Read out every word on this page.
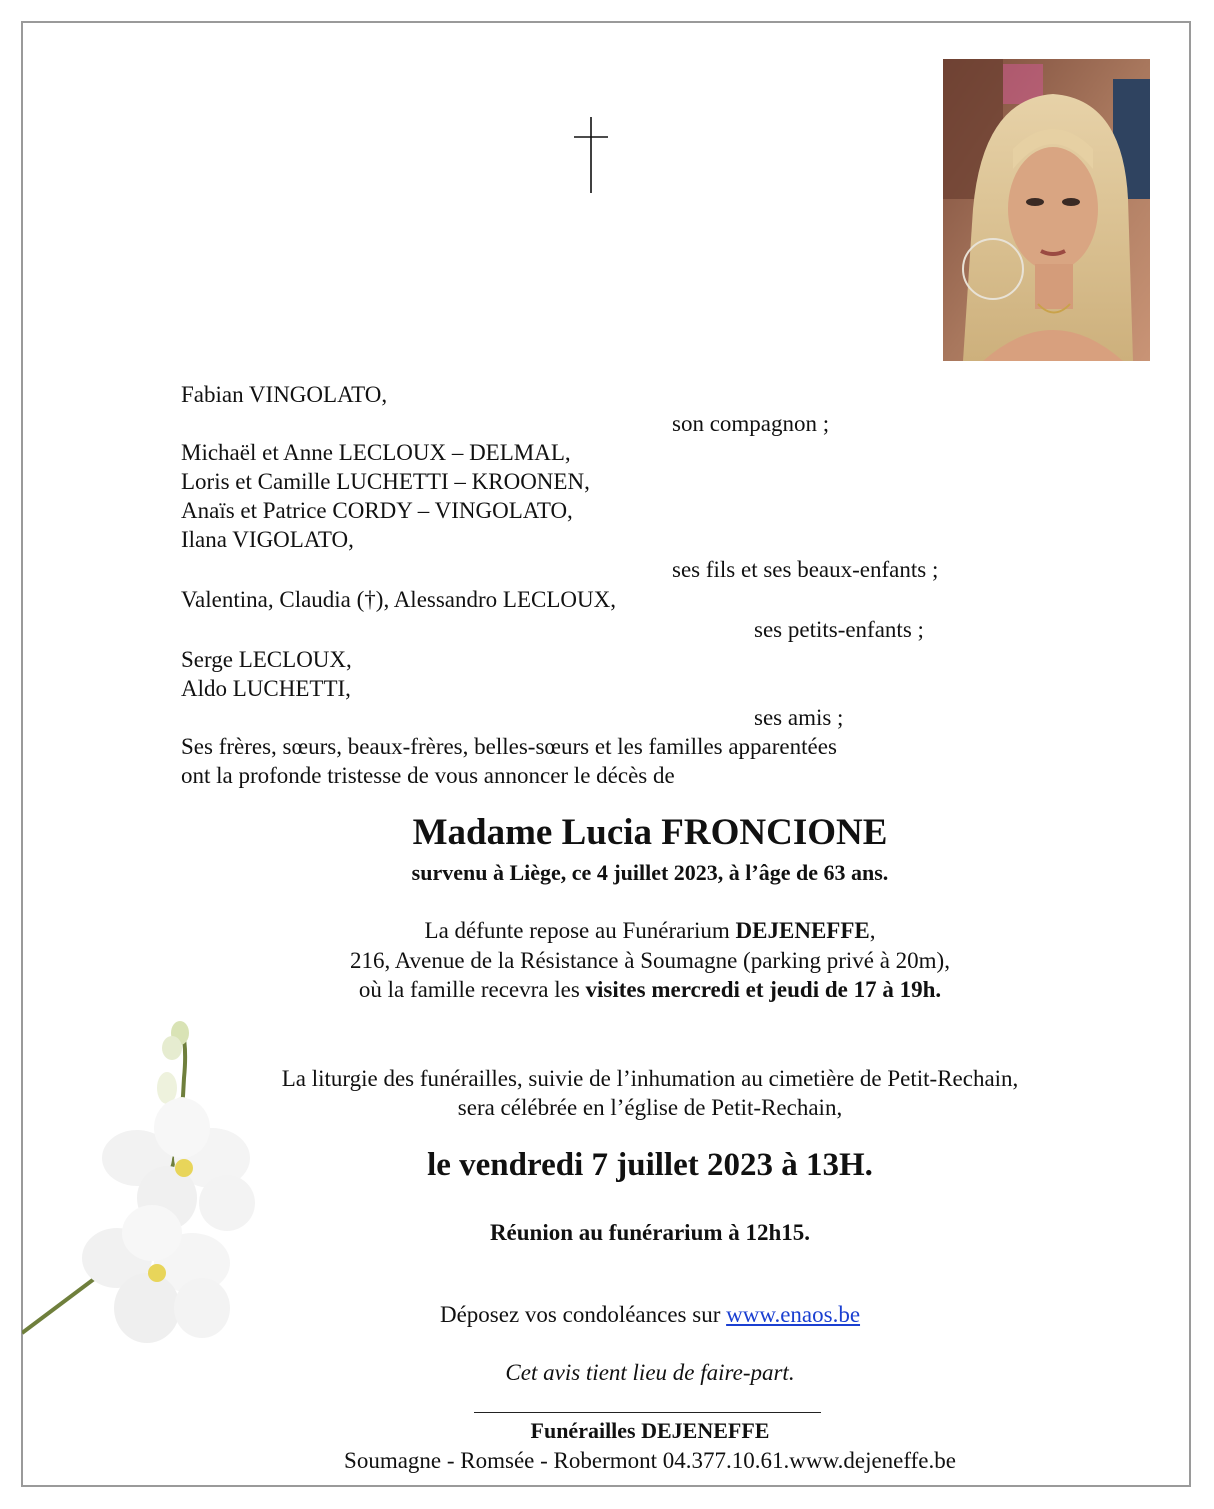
Fabian VINGOLATO,
son compagnon ;
Michaël et Anne LECLOUX – DELMAL,
Loris et Camille LUCHETTI – KROONEN,
Anaïs et Patrice CORDY – VINGOLATO,
Ilana VIGOLATO,
ses fils et ses beaux-enfants ;
Valentina, Claudia (†), Alessandro LECLOUX,
ses petits-enfants ;
Serge LECLOUX,
Aldo LUCHETTI,
ses amis ;
Ses frères, sœurs, beaux-frères, belles-sœurs et les familles apparentées
ont la profonde tristesse de vous annoncer le décès de
Madame Lucia FRONCIONE
survenu à Liège, ce 4 juillet 2023, à l’âge de 63 ans.
La défunte repose au Funérarium DEJENEFFE,
216, Avenue de la Résistance à Soumagne (parking privé à 20m),
où la famille recevra les visites mercredi et jeudi de 17 à 19h.
La liturgie des funérailles, suivie de l’inhumation au cimetière de Petit-Rechain,
sera célébrée en l’église de Petit-Rechain,
le vendredi 7 juillet 2023 à 13H.
Réunion au funérarium à 12h15.
Déposez vos condoléances sur www.enaos.be
Cet avis tient lieu de faire-part.
Funérailles DEJENEFFE
Soumagne - Romsée - Robermont 04.377.10.61.www.dejeneffe.be
